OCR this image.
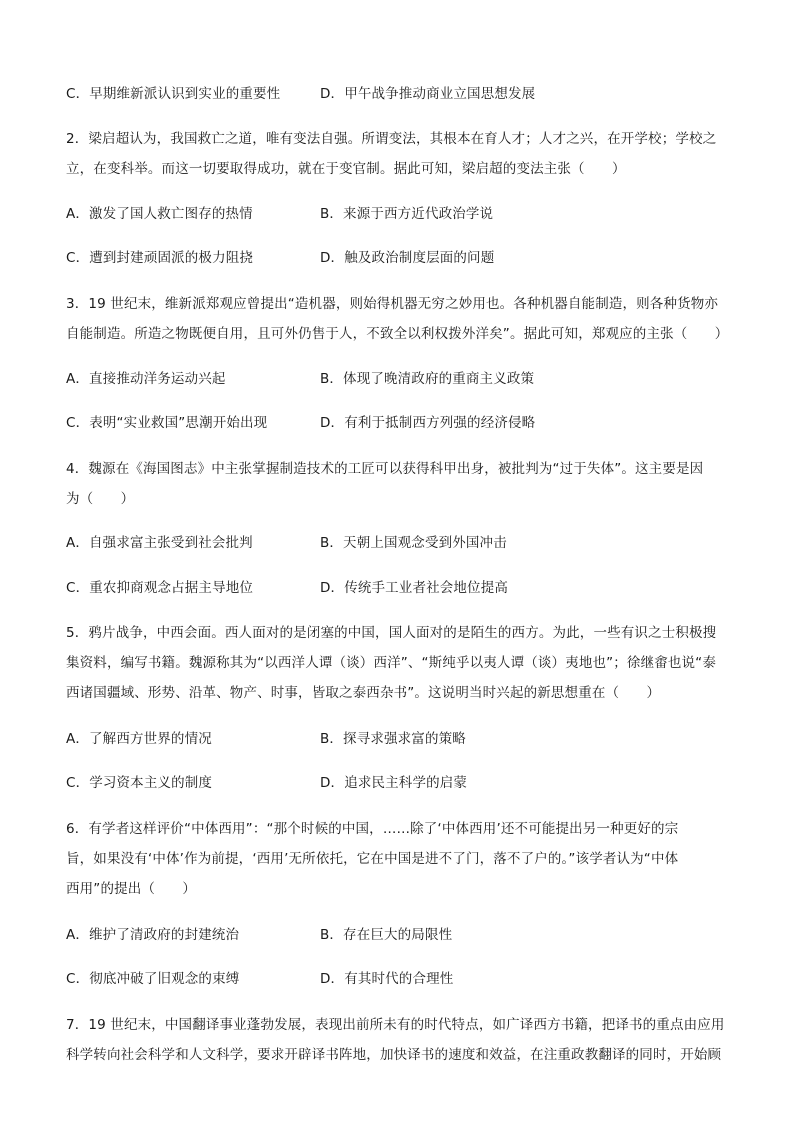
C．早期维新派认识到实业的重要性	D．甲午战争推动商业立国思想发展
2．梁启超认为，我国救亡之道，唯有变法自强。所谓变法，其根本在育人才；人才之兴，在开学校；学校之
立，在变科举。而这一切要取得成功，就在于变官制。据此可知，梁启超的变法主张（　　）
A．激发了国人救亡图存的热情	B．来源于西方近代政治学说
C．遭到封建顽固派的极力阻挠	D．触及政治制度层面的问题
3．19 世纪末，维新派郑观应曾提出“造机器，则始得机器无穷之妙用也。各种机器自能制造，则各种货物亦
自能制造。所造之物既便自用，且可外仍售于人，不致全以利权拨外洋矣”。据此可知，郑观应的主张（　　）
A．直接推动洋务运动兴起	B．体现了晚清政府的重商主义政策
C．表明“实业救国”思潮开始出现	D．有利于抵制西方列强的经济侵略
4．魏源在《海国图志》中主张掌握制造技术的工匠可以获得科甲出身，被批判为“过于失体”。这主要是因
为（　　）
A．自强求富主张受到社会批判	B．天朝上国观念受到外国冲击
C．重农抑商观念占据主导地位	D．传统手工业者社会地位提高
5．鸦片战争，中西会面。西人面对的是闭塞的中国，国人面对的是陌生的西方。为此，一些有识之士积极搜
集资料，编写书籍。魏源称其为“以西洋人谭（谈）西洋”、“斯纯乎以夷人谭（谈）夷地也”；徐继畬也说“泰
西诸国疆域、形势、沿革、物产、时事，皆取之泰西杂书”。这说明当时兴起的新思想重在（　　）
A．了解西方世界的情况	B．探寻求强求富的策略
C．学习资本主义的制度	D．追求民主科学的启蒙
6．有学者这样评价“中体西用”：“那个时候的中国，……除了‘中体西用’还不可能提出另一种更好的宗
旨，如果没有‘中体’作为前提，‘西用’无所依托，它在中国是进不了门，落不了户的。”该学者认为“中体
西用”的提出（　　）
A．维护了清政府的封建统治	B．存在巨大的局限性
C．彻底冲破了旧观念的束缚	D．有其时代的合理性
7．19 世纪末，中国翻译事业蓬勃发展，表现出前所未有的时代特点，如广译西方书籍，把译书的重点由应用
科学转向社会科学和人文科学，要求开辟译书阵地，加快译书的速度和效益，在注重政教翻译的同时，开始顾
